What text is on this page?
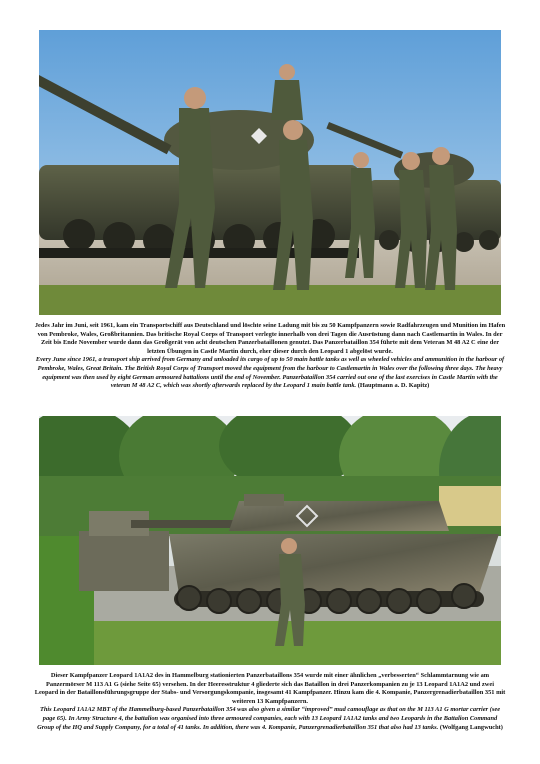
Jedes Jahr im Juni, seit 1961, kam ein Transportschiff aus Deutschland und löschte seine Ladung mit bis zu 50 Kampfpanzern sowie Radfahrzeugen und Munition im Hafen von Pembroke, Wales, Großbritannien. Das britische Royal Corps of Transport verlegte innerhalb von drei Tagen die Ausrüstung dann nach Castlemartin in Wales. In der Zeit bis Ende November wurde dann das Großgerät von acht deutschen Panzerbataillonen genutzt. Das Panzerbataillon 354 führte mit dem Veteran M 48 A2 C eine der letzten Übungen in Castle Martin durch, eher dieser durch den Leopard 1 abgelöst wurde.

Every June since 1961, a transport ship arrived from Germany and unloaded its cargo of up to 50 main battle tanks as well as wheeled vehicles and ammunition in the harbour of Pembroke, Wales, Great Britain. The British Royal Corps of Transport moved the equipment from the harbour to Castlemartin in Wales over the following three days. The heavy equipment was then used by eight German armoured battalions until the end of November. Panzerbataillon 354 carried out one of the last exercises in Castle Martin with the veteran M 48 A2 C, which was shortly afterwards replaced by the Leopard 1 main battle tank. (Hauptmann a. D. Kapitz)

Dieser Kampfpanzer Leopard 1A1A2 des in Hammelburg stationierten Panzerbataillons 354 wurde mit einer ähnlichen „verbesserten“ Schlammtarnung wie am Panzermörser M 113 A1 G (siehe Seite 65) versehen. In der Heeresstruktur 4 gliederte sich das Bataillon in drei Panzerkompanien zu je 13 Leopard 1A1A2 und zwei Leopard in der Bataillonsführungsgruppe der Stabs- und Versorgungskompanie, insgesamt 41 Kampfpanzer. Hinzu kam die 4. Kompanie, Panzergrenadierbataillon 351 mit weiteren 13 Kampfpanzern.

This Leopard 1A1A2 MBT of the Hammelburg-based Panzerbataillon 354 was also given a similar “improved” mud camouflage as that on the M 113 A1 G mortar carrier (see page 65). In Army Structure 4, the battalion was organised into three armoured companies, each with 13 Leopard 1A1A2 tanks and two Leopards in the Battalion Command Group of the HQ and Supply Company, for a total of 41 tanks. In addition, there was 4. Kompanie, Panzergrenadierbataillon 351 that also had 13 tanks. (Wolfgang Langwucht)
